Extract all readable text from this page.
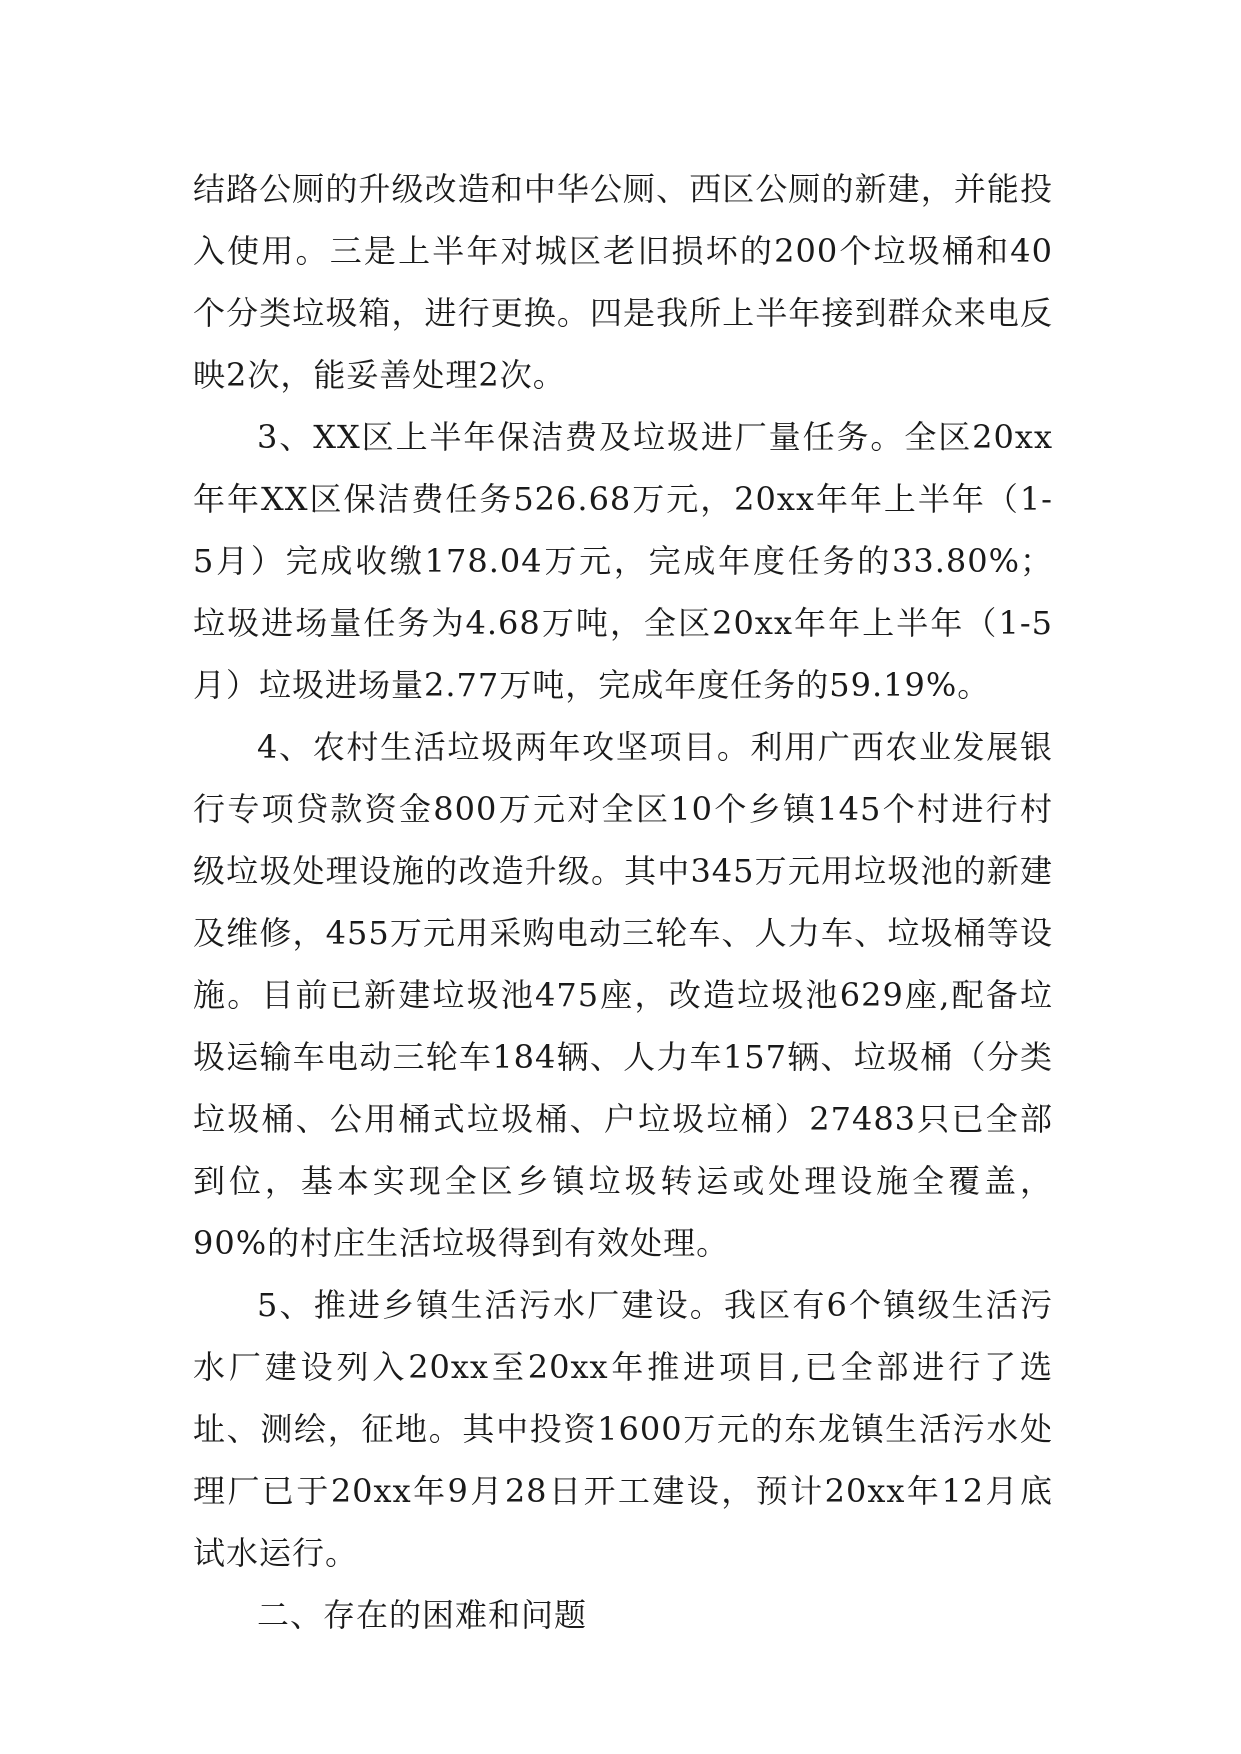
结路公厕的升级改造和中华公厕、西区公厕的新建，并能投入使用。三是上半年对城区老旧损坏的200个垃圾桶和40个分类垃圾箱，进行更换。四是我所上半年接到群众来电反映2次，能妥善处理2次。

3、XX区上半年保洁费及垃圾进厂量任务。全区20xx年年XX区保洁费任务526.68万元，20xx年年上半年（1-5月）完成收缴178.04万元，完成年度任务的33.80%；垃圾进场量任务为4.68万吨，全区20xx年年上半年（1-5月）垃圾进场量2.77万吨，完成年度任务的59.19%。

4、农村生活垃圾两年攻坚项目。利用广西农业发展银行专项贷款资金800万元对全区10个乡镇145个村进行村级垃圾处理设施的改造升级。其中345万元用垃圾池的新建及维修，455万元用采购电动三轮车、人力车、垃圾桶等设施。目前已新建垃圾池475座，改造垃圾池629座,配备垃圾运输车电动三轮车184辆、人力车157辆、垃圾桶（分类垃圾桶、公用桶式垃圾桶、户垃圾垃桶）27483只已全部到位，基本实现全区乡镇垃圾转运或处理设施全覆盖，90%的村庄生活垃圾得到有效处理。

5、推进乡镇生活污水厂建设。我区有6个镇级生活污水厂建设列入20xx至20xx年推进项目,已全部进行了选址、测绘，征地。其中投资1600万元的东龙镇生活污水处理厂已于20xx年9月28日开工建设，预计20xx年12月底试水运行。

二、存在的困难和问题
